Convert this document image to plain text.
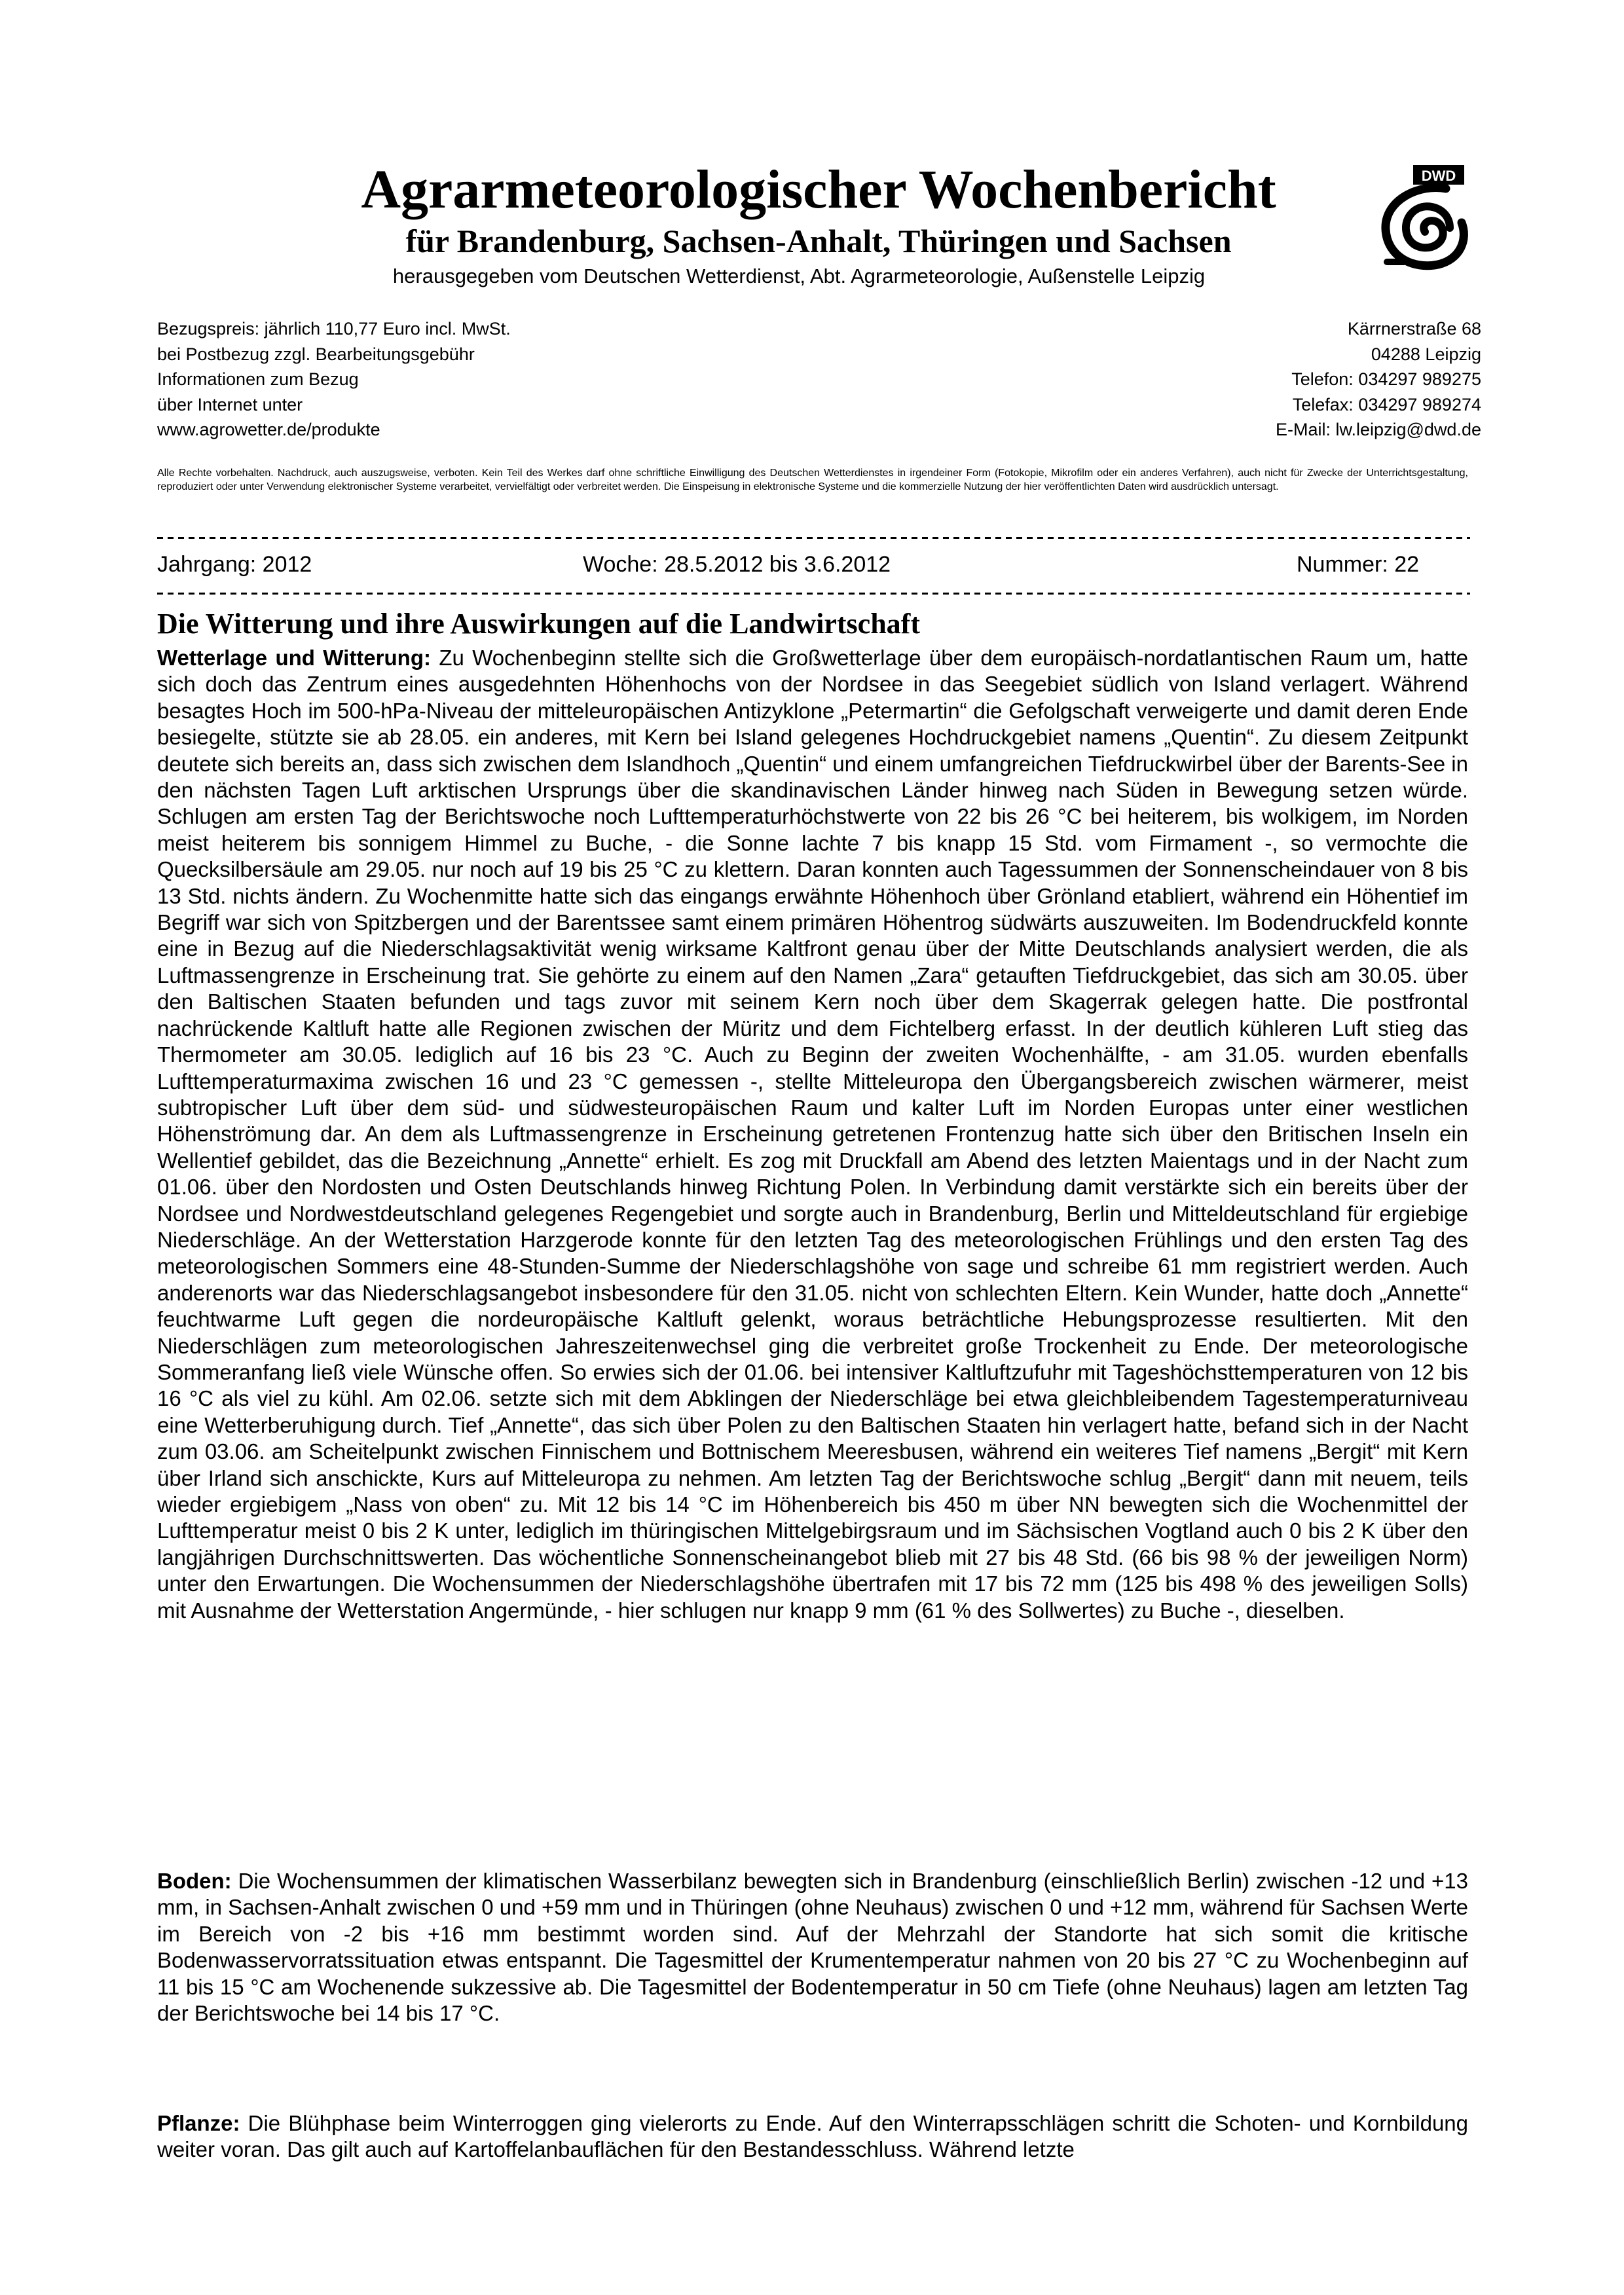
Agrarmeteorologischer Wochenbericht
für Brandenburg, Sachsen-Anhalt, Thüringen und Sachsen
herausgegeben vom Deutschen Wetterdienst, Abt. Agrarmeteorologie, Außenstelle Leipzig
DWD
Bezugspreis: jährlich 110,77 Euro incl. MwSt.
bei Postbezug zzgl. Bearbeitungsgebühr
Informationen zum Bezug
über Internet unter
www.agrowetter.de/produkte
Kärrnerstraße 68
04288 Leipzig
Telefon: 034297 989275
Telefax: 034297 989274
E-Mail: lw.leipzig@dwd.de
Alle Rechte vorbehalten. Nachdruck, auch auszugsweise, verboten. Kein Teil des Werkes darf ohne schriftliche Einwilligung des Deutschen Wetterdienstes in irgendeiner Form (Fotokopie, Mikrofilm oder ein anderes Verfahren), auch nicht für Zwecke der Unterrichtsgestaltung, reproduziert oder unter Verwendung elektronischer Systeme verarbeitet, vervielfältigt oder verbreitet werden. Die Einspeisung in elektronische Systeme und die kommerzielle Nutzung der hier veröffentlichten Daten wird ausdrücklich untersagt.
Jahrgang: 2012	Woche: 28.5.2012 bis 3.6.2012	Nummer: 22
Die Witterung und ihre Auswirkungen auf die Landwirtschaft

Wetterlage und Witterung: Zu Wochenbeginn stellte sich die Großwetterlage über dem europäisch-nordatlantischen Raum um, hatte sich doch das Zentrum eines ausgedehnten Höhenhochs von der Nordsee in das Seegebiet südlich von Island verlagert. Während besagtes Hoch im 500-hPa-Niveau der mitteleuropäischen Antizyklone „Petermartin“ die Gefolgschaft verweigerte und damit deren Ende besiegelte, stützte sie ab 28.05. ein anderes, mit Kern bei Island gelegenes Hochdruckgebiet namens „Quentin“. Zu diesem Zeitpunkt deutete sich bereits an, dass sich zwischen dem Islandhoch „Quentin“ und einem umfangreichen Tiefdruckwirbel über der Barents-See in den nächsten Tagen Luft arktischen Ursprungs über die skandinavischen Länder hinweg nach Süden in Bewegung setzen würde. Schlugen am ersten Tag der Berichtswoche noch Lufttemperaturhöchstwerte von 22 bis 26 °C bei heiterem, bis wolkigem, im Norden meist heiterem bis sonnigem Himmel zu Buche, - die Sonne lachte 7 bis knapp 15 Std. vom Firmament -, so vermochte die Quecksilbersäule am 29.05. nur noch auf 19 bis 25 °C zu klettern. Daran konnten auch Tagessummen der Sonnenscheindauer von 8 bis 13 Std. nichts ändern. Zu Wochenmitte hatte sich das eingangs erwähnte Höhenhoch über Grönland etabliert, während ein Höhentief im Begriff war sich von Spitzbergen und der Barentssee samt einem primären Höhentrog südwärts auszuweiten. Im Bodendruckfeld konnte eine in Bezug auf die Niederschlagsaktivität wenig wirksame Kaltfront genau über der Mitte Deutschlands analysiert werden, die als Luftmassengrenze in Erscheinung trat. Sie gehörte zu einem auf den Namen „Zara“ getauften Tiefdruckgebiet, das sich am 30.05. über den Baltischen Staaten befunden und tags zuvor mit seinem Kern noch über dem Skagerrak gelegen hatte. Die postfrontal nachrückende Kaltluft hatte alle Regionen zwischen der Müritz und dem Fichtelberg erfasst. In der deutlich kühleren Luft stieg das Thermometer am 30.05. lediglich auf 16 bis 23 °C. Auch zu Beginn der zweiten Wochenhälfte, - am 31.05. wurden ebenfalls Lufttemperaturmaxima zwischen 16 und 23 °C gemessen -, stellte Mitteleuropa den Übergangsbereich zwischen wärmerer, meist subtropischer Luft über dem süd- und südwesteuropäischen Raum und kalter Luft im Norden Europas unter einer westlichen Höhenströmung dar. An dem als Luftmassengrenze in Erscheinung getretenen Frontenzug hatte sich über den Britischen Inseln ein Wellentief gebildet, das die Bezeichnung „Annette“ erhielt. Es zog mit Druckfall am Abend des letzten Maientags und in der Nacht zum 01.06. über den Nordosten und Osten Deutschlands hinweg Richtung Polen. In Verbindung damit verstärkte sich ein bereits über der Nordsee und Nordwestdeutschland gelegenes Regengebiet und sorgte auch in Brandenburg, Berlin und Mitteldeutschland für ergiebige Niederschläge. An der Wetterstation Harzgerode konnte für den letzten Tag des meteorologischen Frühlings und den ersten Tag des meteorologischen Sommers eine 48-Stunden-Summe der Niederschlagshöhe von sage und schreibe 61 mm registriert werden. Auch anderenorts war das Niederschlagsangebot insbesondere für den 31.05. nicht von schlechten Eltern. Kein Wunder, hatte doch „Annette“ feuchtwarme Luft gegen die nordeuropäische Kaltluft gelenkt, woraus beträchtliche Hebungsprozesse resultierten. Mit den Niederschlägen zum meteorologischen Jahreszeitenwechsel ging die verbreitet große Trockenheit zu Ende. Der meteorologische Sommeranfang ließ viele Wünsche offen. So erwies sich der 01.06. bei intensiver Kaltluftzufuhr mit Tageshöchsttemperaturen von 12 bis 16 °C als viel zu kühl. Am 02.06. setzte sich mit dem Abklingen der Niederschläge bei etwa gleichbleibendem Tagestemperaturniveau eine Wetterberuhigung durch. Tief „Annette“, das sich über Polen zu den Baltischen Staaten hin verlagert hatte, befand sich in der Nacht zum 03.06. am Scheitelpunkt zwischen Finnischem und Bottnischem Meeresbusen, während ein weiteres Tief namens „Bergit“ mit Kern über Irland sich anschickte, Kurs auf Mitteleuropa zu nehmen. Am letzten Tag der Berichtswoche schlug „Bergit“ dann mit neuem, teils wieder ergiebigem „Nass von oben“ zu. Mit 12 bis 14 °C im Höhenbereich bis 450 m über NN bewegten sich die Wochenmittel der Lufttemperatur meist 0 bis 2 K unter, lediglich im thüringischen Mittelgebirgsraum und im Sächsischen Vogtland auch 0 bis 2 K über den langjährigen Durchschnittswerten. Das wöchentliche Sonnenscheinangebot blieb mit 27 bis 48 Std. (66 bis 98 % der jeweiligen Norm) unter den Erwartungen. Die Wochensummen der Niederschlagshöhe übertrafen mit 17 bis 72 mm (125 bis 498 % des jeweiligen Solls) mit Ausnahme der Wetterstation Angermünde, - hier schlugen nur knapp 9 mm (61 % des Sollwertes) zu Buche -, dieselben.

Boden: Die Wochensummen der klimatischen Wasserbilanz bewegten sich in Brandenburg (einschließlich Berlin) zwischen -12 und +13 mm, in Sachsen-Anhalt zwischen 0 und +59 mm und in Thüringen (ohne Neuhaus) zwischen 0 und +12 mm, während für Sachsen Werte im Bereich von -2 bis +16 mm bestimmt worden sind. Auf der Mehrzahl der Standorte hat sich somit die kritische Bodenwasservorratssituation etwas entspannt. Die Tagesmittel der Krumentemperatur nahmen von 20 bis 27 °C zu Wochenbeginn auf 11 bis 15 °C am Wochenende sukzessive ab. Die Tagesmittel der Bodentemperatur in 50 cm Tiefe (ohne Neuhaus) lagen am letzten Tag der Berichtswoche bei 14 bis 17 °C.

Pflanze: Die Blühphase beim Winterroggen ging vielerorts zu Ende. Auf den Winterrapsschlägen schritt die Schoten- und Kornbildung weiter voran. Das gilt auch auf Kartoffelanbauflächen für den Bestandesschluss. Während letzte
